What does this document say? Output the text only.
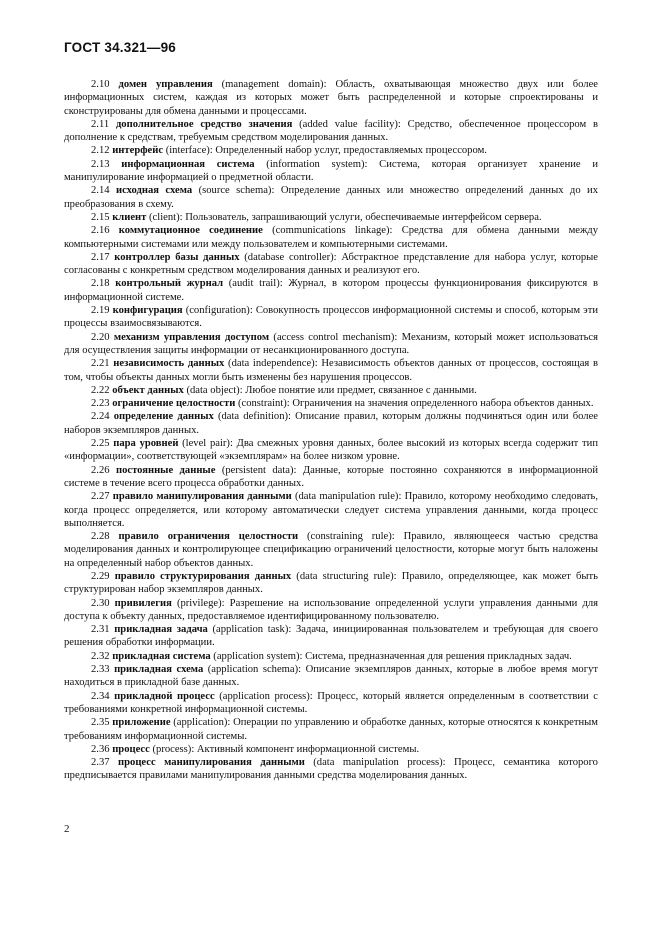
ГОСТ 34.321—96

2.10 домен управления (management domain): Область, охватывающая множество двух или более информационных систем, каждая из которых может быть распределенной и которые спроектированы и сконструированы для обмена данными и процессами.

2.11 дополнительное средство значения (added value facility): Средство, обеспеченное процессором в дополнение к средствам, требуемым средством моделирования данных.

2.12 интерфейс (interface): Определенный набор услуг, предоставляемых процессором.

2.13 информационная система (information system): Система, которая организует хранение и манипулирование информацией о предметной области.

2.14 исходная схема (source schema): Определение данных или множество определений данных до их преобразования в схему.

2.15 клиент (client): Пользователь, запрашивающий услуги, обеспечиваемые интерфейсом сервера.

2.16 коммутационное соединение (communications linkage): Средства для обмена данными между компьютерными системами или между пользователем и компьютерными системами.

2.17 контроллер базы данных (database controller): Абстрактное представление для набора услуг, которые согласованы с конкретным средством моделирования данных и реализуют его.

2.18 контрольный журнал (audit trail): Журнал, в котором процессы функционирования фиксируются в информационной системе.

2.19 конфигурация (configuration): Совокупность процессов информационной системы и способ, которым эти процессы взаимосвязываются.

2.20 механизм управления доступом (access control mechanism): Механизм, который может использоваться для осуществления защиты информации от несанкционированного доступа.

2.21 независимость данных (data independence): Независимость объектов данных от процессов, состоящая в том, чтобы объекты данных могли быть изменены без нарушения процессов.

2.22 объект данных (data object): Любое понятие или предмет, связанное с данными.

2.23 ограничение целостности (constraint): Ограничения на значения определенного набора объектов данных.

2.24 определение данных (data definition): Описание правил, которым должны подчиняться один или более наборов экземпляров данных.

2.25 пара уровней (level pair): Два смежных уровня данных, более высокий из которых всегда содержит тип «информации», соответствующей «экземплярам» на более низком уровне.

2.26 постоянные данные (persistent data): Данные, которые постоянно сохраняются в информационной системе в течение всего процесса обработки данных.

2.27 правило манипулирования данными (data manipulation rule): Правило, которому необходимо следовать, когда процесс определяется, или которому автоматически следует система управления данными, когда процесс выполняется.

2.28 правило ограничения целостности (constraining rule): Правило, являющееся частью средства моделирования данных и контролирующее спецификацию ограничений целостности, которые могут быть наложены на определенный набор объектов данных.

2.29 правило структурирования данных (data structuring rule): Правило, определяющее, как может быть структурирован набор экземпляров данных.

2.30 привилегия (privilege): Разрешение на использование определенной услуги управления данными для доступа к объекту данных, предоставляемое идентифицированному пользователю.

2.31 прикладная задача (application task): Задача, инициированная пользователем и требующая для своего решения обработки информации.

2.32 прикладная система (application system): Система, предназначенная для решения прикладных задач.

2.33 прикладная схема (application schema): Описание экземпляров данных, которые в любое время могут находиться в прикладной базе данных.

2.34 прикладной процесс (application process): Процесс, который является определенным в соответствии с требованиями конкретной информационной системы.

2.35 приложение (application): Операции по управлению и обработке данных, которые относятся к конкретным требованиям информационной системы.

2.36 процесс (process): Активный компонент информационной системы.

2.37 процесс манипулирования данными (data manipulation process): Процесс, семантика которого предписывается правилами манипулирования данными средства моделирования данных.

2
